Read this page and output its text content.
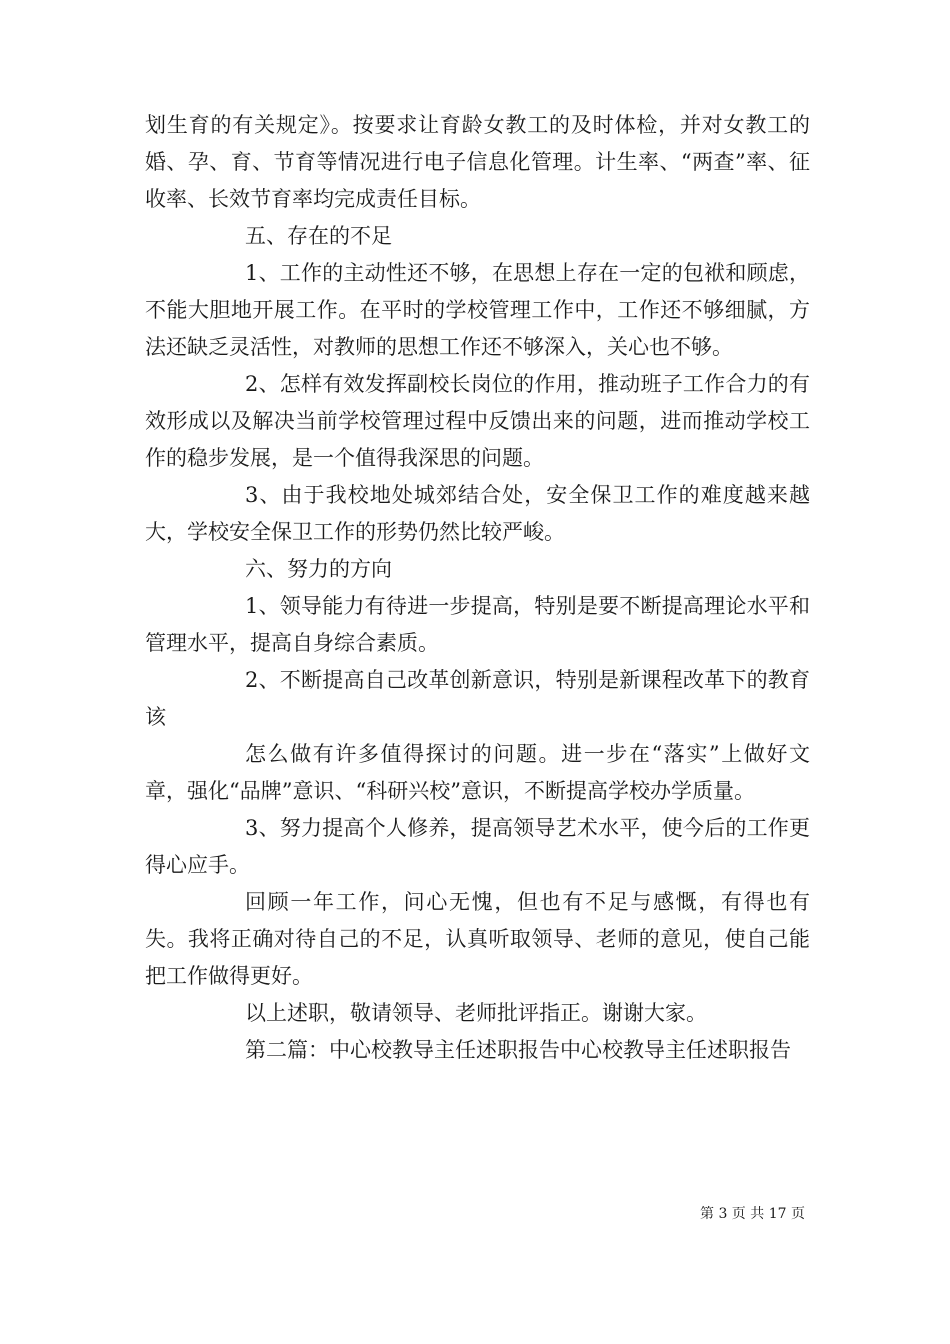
划生育的有关规定》。按要求让育龄女教工的及时体检，并对女教工的婚、孕、育、节育等情况进行电子信息化管理。计生率、“两查”率、征收率、长效节育率均完成责任目标。

五、存在的不足

1、工作的主动性还不够，在思想上存在一定的包袱和顾虑，不能大胆地开展工作。在平时的学校管理工作中，工作还不够细腻，方法还缺乏灵活性，对教师的思想工作还不够深入，关心也不够。

2、怎样有效发挥副校长岗位的作用，推动班子工作合力的有效形成以及解决当前学校管理过程中反馈出来的问题，进而推动学校工作的稳步发展，是一个值得我深思的问题。

3、由于我校地处城郊结合处，安全保卫工作的难度越来越大，学校安全保卫工作的形势仍然比较严峻。

六、努力的方向

1、领导能力有待进一步提高，特别是要不断提高理论水平和管理水平，提高自身综合素质。

2、不断提高自己改革创新意识，特别是新课程改革下的教育该

怎么做有许多值得探讨的问题。进一步在“落实”上做好文章，强化“品牌”意识、“科研兴校”意识，不断提高学校办学质量。

3、努力提高个人修养，提高领导艺术水平，使今后的工作更得心应手。

回顾一年工作，问心无愧，但也有不足与感慨，有得也有失。我将正确对待自己的不足，认真听取领导、老师的意见，使自己能把工作做得更好。

以上述职，敬请领导、老师批评指正。谢谢大家。

第二篇：中心校教导主任述职报告中心校教导主任述职报告

第 3 页 共 17 页
